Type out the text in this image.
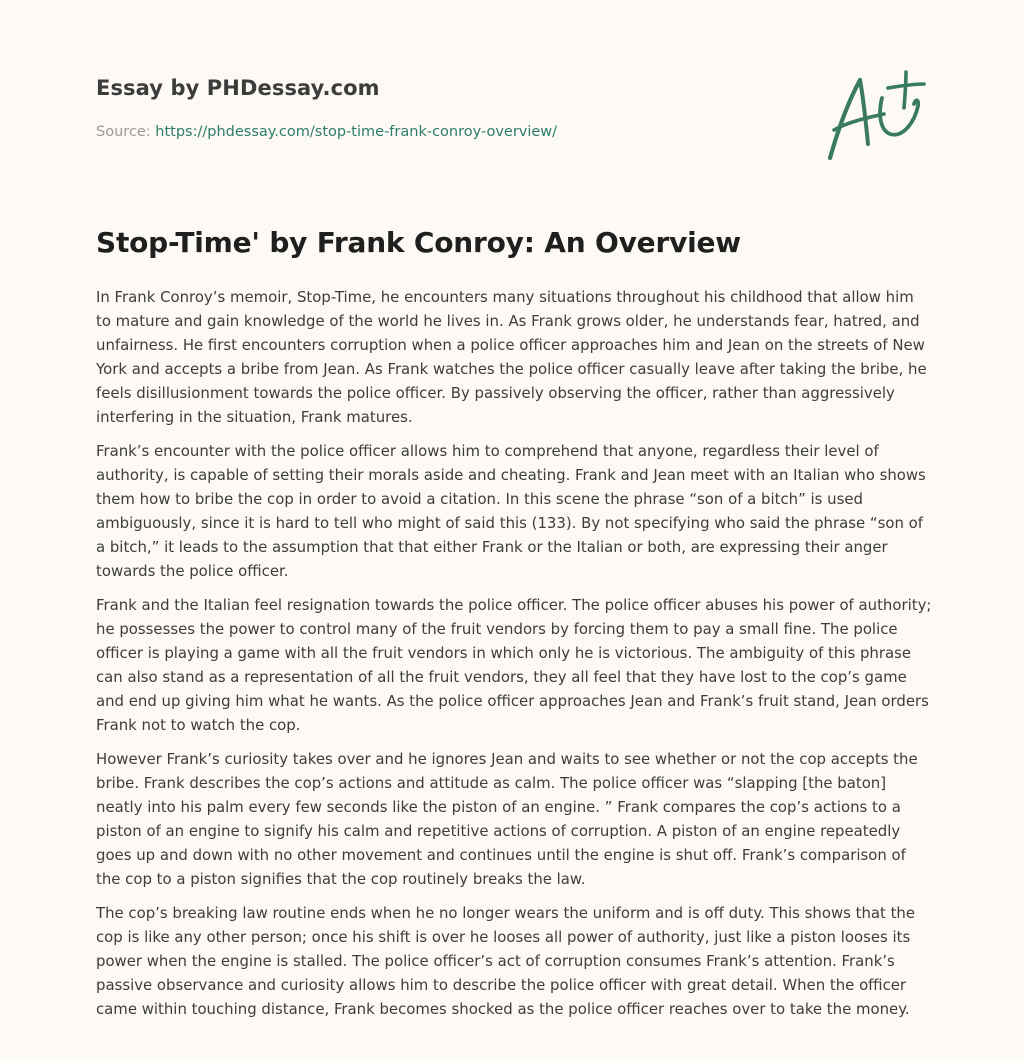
Essay by PHDessay.com
Source: https://phdessay.com/stop-time-frank-conroy-overview/
Stop-Time' by Frank Conroy: An Overview

In Frank Conroy’s memoir, Stop-Time, he encounters many situations throughout his childhood that allow him to mature and gain knowledge of the world he lives in. As Frank grows older, he understands fear, hatred, and unfairness. He first encounters corruption when a police officer approaches him and Jean on the streets of New York and accepts a bribe from Jean. As Frank watches the police officer casually leave after taking the bribe, he feels disillusionment towards the police officer. By passively observing the officer, rather than aggressively interfering in the situation, Frank matures.

Frank’s encounter with the police officer allows him to comprehend that anyone, regardless their level of authority, is capable of setting their morals aside and cheating. Frank and Jean meet with an Italian who shows them how to bribe the cop in order to avoid a citation. In this scene the phrase “son of a bitch” is used ambiguously, since it is hard to tell who might of said this (133). By not specifying who said the phrase “son of a bitch,” it leads to the assumption that that either Frank or the Italian or both, are expressing their anger towards the police officer.

Frank and the Italian feel resignation towards the police officer. The police officer abuses his power of authority; he possesses the power to control many of the fruit vendors by forcing them to pay a small fine. The police officer is playing a game with all the fruit vendors in which only he is victorious. The ambiguity of this phrase can also stand as a representation of all the fruit vendors, they all feel that they have lost to the cop’s game and end up giving him what he wants. As the police officer approaches Jean and Frank’s fruit stand, Jean orders Frank not to watch the cop.

However Frank’s curiosity takes over and he ignores Jean and waits to see whether or not the cop accepts the bribe. Frank describes the cop’s actions and attitude as calm. The police officer was “slapping [the baton] neatly into his palm every few seconds like the piston of an engine. ” Frank compares the cop’s actions to a piston of an engine to signify his calm and repetitive actions of corruption. A piston of an engine repeatedly goes up and down with no other movement and continues until the engine is shut off. Frank’s comparison of the cop to a piston signifies that the cop routinely breaks the law.

The cop’s breaking law routine ends when he no longer wears the uniform and is off duty. This shows that the cop is like any other person; once his shift is over he looses all power of authority, just like a piston looses its power when the engine is stalled. The police officer’s act of corruption consumes Frank’s attention. Frank’s passive observance and curiosity allows him to describe the police officer with great detail. When the officer came within touching distance, Frank becomes shocked as the police officer reaches over to take the money.
